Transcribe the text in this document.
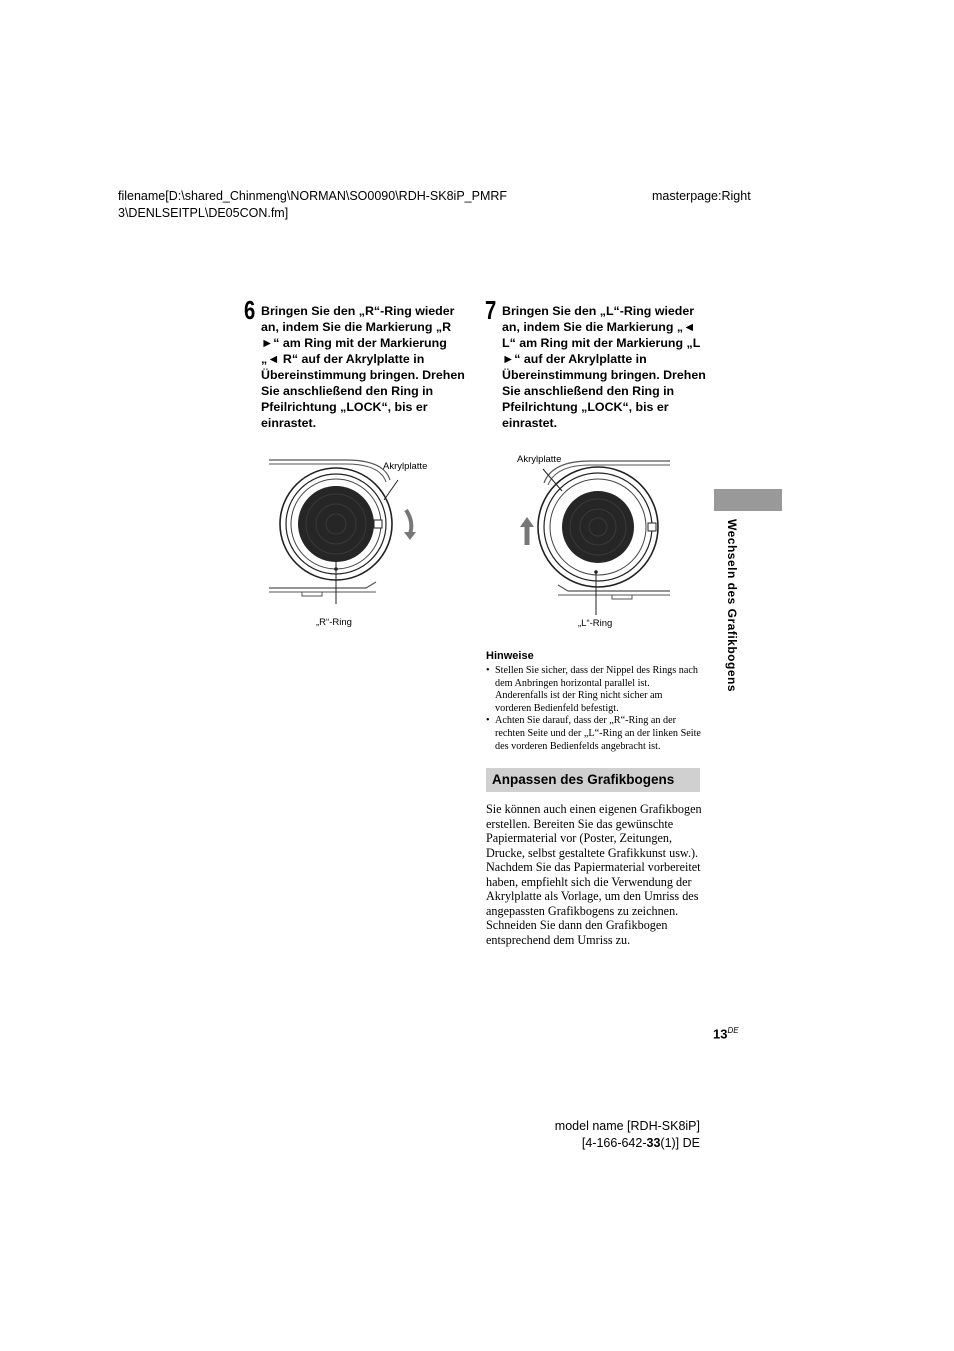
filename[D:\shared_Chinmeng\NORMAN\SO0090\RDH-SK8iP_PMRF
3\DENLSEITPL\DE05CON.fm]
masterpage:Right
6 Bringen Sie den „R“-Ring wieder an, indem Sie die Markierung „R ►“ am Ring mit der Markierung „◄ R“ auf der Akrylplatte in Übereinstimmung bringen. Drehen Sie anschließend den Ring in Pfeilrichtung „LOCK“, bis er einrastet.
Akrylplatte
„R“-Ring
7 Bringen Sie den „L“-Ring wieder an, indem Sie die Markierung „◄ L“ am Ring mit der Markierung „L ►“ auf der Akrylplatte in Übereinstimmung bringen. Drehen Sie anschließend den Ring in Pfeilrichtung „LOCK“, bis er einrastet.
Akrylplatte
„L“-Ring
Hinweise
• Stellen Sie sicher, dass der Nippel des Rings nach dem Anbringen horizontal parallel ist. Anderenfalls ist der Ring nicht sicher am vorderen Bedienfeld befestigt.
• Achten Sie darauf, dass der „R“-Ring an der rechten Seite und der „L“-Ring an der linken Seite des vorderen Bedienfelds angebracht ist.
Anpassen des Grafikbogens
Sie können auch einen eigenen Grafikbogen erstellen. Bereiten Sie das gewünschte Papiermaterial vor (Poster, Zeitungen, Drucke, selbst gestaltete Grafikkunst usw.).
Nachdem Sie das Papiermaterial vorbereitet haben, empfiehlt sich die Verwendung der Akrylplatte als Vorlage, um den Umriss des angepassten Grafikbogens zu zeichnen. Schneiden Sie dann den Grafikbogen entsprechend dem Umriss zu.
Wechseln des Grafikbogens
13DE
model name [RDH-SK8iP]
[4-166-642-33(1)] DE
